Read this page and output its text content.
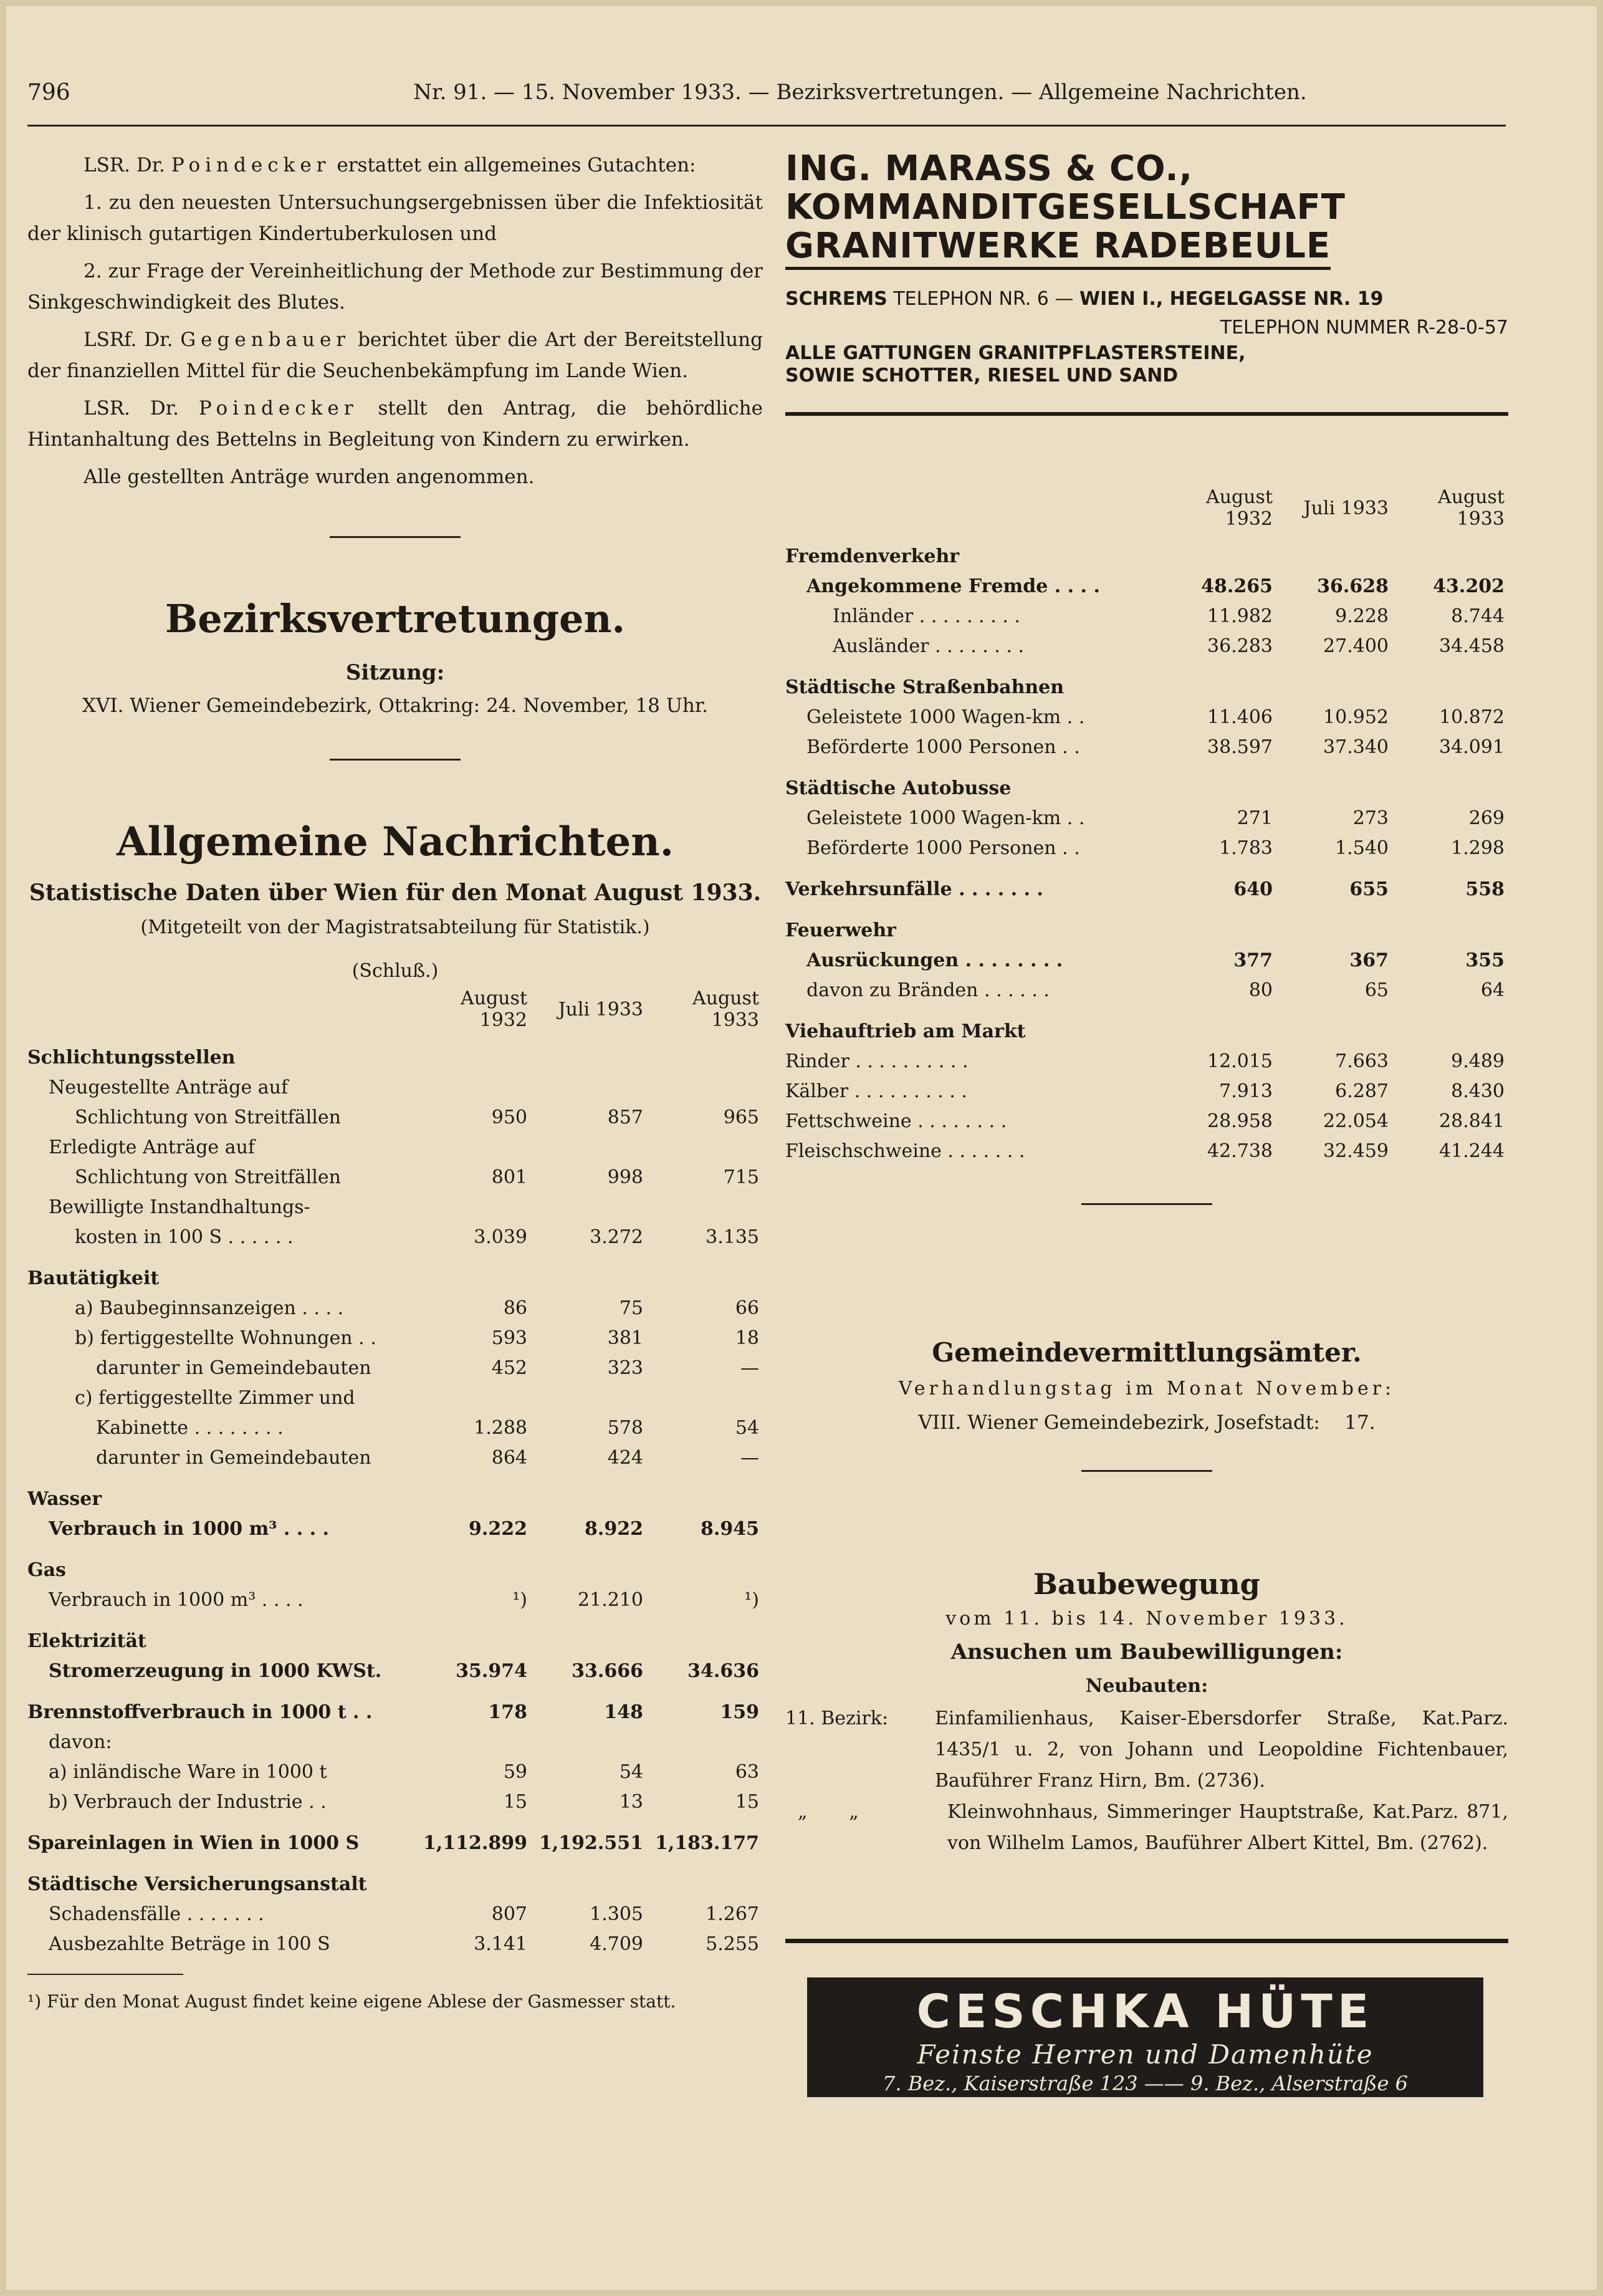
796	Nr. 91. — 15. November 1933. — Bezirksvertretungen. — Allgemeine Nachrichten.

LSR. Dr. Poindecker erstattet ein allgemeines Gutachten:

1. zu den neuesten Untersuchungsergebnissen über die Infektiosität der klinisch gutartigen Kindertuberkulosen und

2. zur Frage der Vereinheitlichung der Methode zur Bestimmung der Sinkgeschwindigkeit des Blutes.

LSRf. Dr. Gegenbauer berichtet über die Art der Bereitstellung der finanziellen Mittel für die Seuchenbekämpfung im Lande Wien.

LSR. Dr. Poindecker stellt den Antrag, die behördliche Hintanhaltung des Bettelns in Begleitung von Kindern zu erwirken.

Alle gestellten Anträge wurden angenommen.

Bezirksvertretungen.
Sitzung:
XVI. Wiener Gemeindebezirk, Ottakring: 24. November, 18 Uhr.
Allgemeine Nachrichten.
Statistische Daten über Wien für den Monat August 1933.
(Mitgeteilt von der Magistratsabteilung für Statistik.)
(Schluß.)
	August 1932	Juli 1933	August 1933
Schlichtungsstellen			
Neugestellte Anträge auf			
Schlichtung von Streitfällen	950	857	965
Erledigte Anträge auf			
Schlichtung von Streitfällen	801	998	715
Bewilligte Instandhaltungs-			
kosten in 100 S . . . . . .	3.039	3.272	3.135
Bautätigkeit			
a) Baubeginnsanzeigen . . . .	86	75	66
b) fertiggestellte Wohnungen . .	593	381	18
darunter in Gemeindebauten	452	323	—
c) fertiggestellte Zimmer und			
Kabinette . . . . . . . .	1.288	578	54
darunter in Gemeindebauten	864	424	—
Wasser			
Verbrauch in 1000 m³ . . . .	9.222	8.922	8.945
Gas			
Verbrauch in 1000 m³ . . . .	¹)	21.210	¹)
Elektrizität			
Stromerzeugung in 1000 KWSt.	35.974	33.666	34.636
Brennstoffverbrauch in 1000 t . .	178	148	159
davon:			
a) inländische Ware in 1000 t	59	54	63
b) Verbrauch der Industrie . .	15	13	15
Spareinlagen in Wien in 1000 S	1,112.899	1,192.551	1,183.177
Städtische Versicherungsanstalt			
Schadensfälle . . . . . . .	807	1.305	1.267
Ausbezahlte Beträge in 100 S	3.141	4.709	5.255
¹) Für den Monat August findet keine eigene Ablese der Gasmesser statt.
ING. MARASS & CO.,
KOMMANDITGESELLSCHAFT
GRANITWERKE RADEBEULE
SCHREMS TELEPHON NR. 6 — WIEN I., HEGELGASSE NR. 19
TELEPHON NUMMER R-28-0-57
ALLE GATTUNGEN GRANITPFLASTERSTEINE,
SOWIE SCHOTTER, RIESEL UND SAND
	August 1932	Juli 1933	August 1933
Fremdenverkehr			
Angekommene Fremde . . . .	48.265	36.628	43.202
Inländer . . . . . . . . .	11.982	9.228	8.744
Ausländer . . . . . . . .	36.283	27.400	34.458
Städtische Straßenbahnen			
Geleistete 1000 Wagen-km . .	11.406	10.952	10.872
Beförderte 1000 Personen . .	38.597	37.340	34.091
Städtische Autobusse			
Geleistete 1000 Wagen-km . .	271	273	269
Beförderte 1000 Personen . .	1.783	1.540	1.298
Verkehrsunfälle . . . . . . .	640	655	558
Feuerwehr			
Ausrückungen . . . . . . . .	377	367	355
davon zu Bränden . . . . . .	80	65	64
Viehauftrieb am Markt			
Rinder . . . . . . . . . .	12.015	7.663	9.489
Kälber . . . . . . . . . .	7.913	6.287	8.430
Fettschweine . . . . . . . .	28.958	22.054	28.841
Fleischschweine . . . . . . .	42.738	32.459	41.244
Gemeindevermittlungsämter.
Verhandlungstag im Monat November:
VIII. Wiener Gemeindebezirk, Josefstadt:    17.
Baubewegung
vom 11. bis 14. November 1933.
Ansuchen um Baubewilligungen:
Neubauten:
11. Bezirk:	Einfamilienhaus, Kaiser-Ebersdorfer Straße, Kat.Parz. 1435/1 u. 2, von Johann und Leopoldine Fichtenbauer, Bauführer Franz Hirn, Bm. (2736).
„       „	Kleinwohnhaus, Simmeringer Hauptstraße, Kat.Parz. 871, von Wilhelm Lamos, Bauführer Albert Kittel, Bm. (2762).
CESCHKA HÜTE
Feinste Herren und Damenhüte
7. Bez., Kaiserstraße 123 —— 9. Bez., Alserstraße 6
